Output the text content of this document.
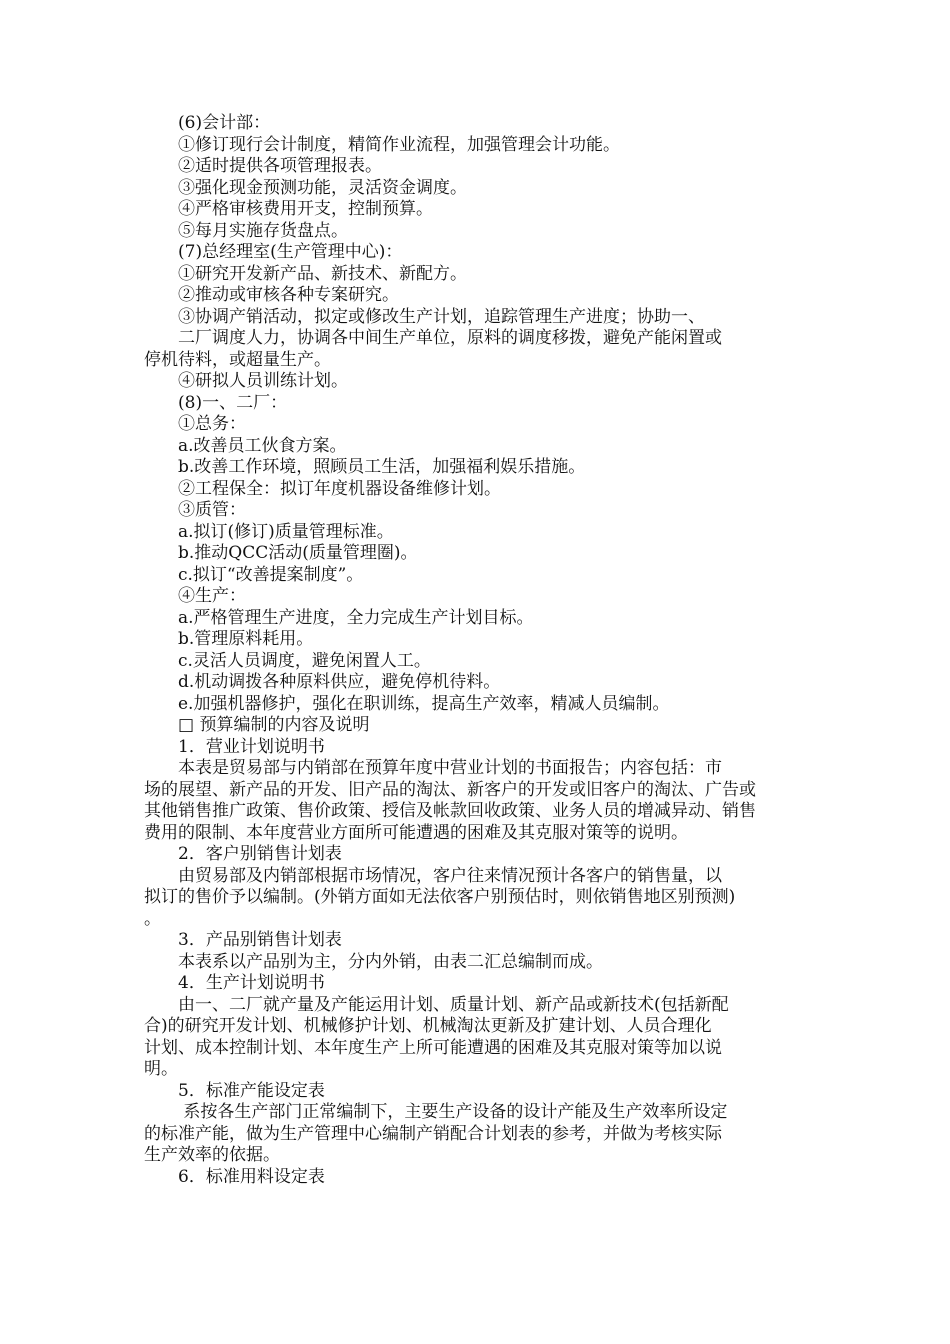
　　(6)会计部：
　　①修订现行会计制度，精简作业流程，加强管理会计功能。
　　②适时提供各项管理报表。
　　③强化现金预测功能，灵活资金调度。
　　④严格审核费用开支，控制预算。
　　⑤每月实施存货盘点。
　　(7)总经理室(生产管理中心)：
　　①研究开发新产品、新技术、新配方。
　　②推动或审核各种专案研究。
　　③协调产销活动，拟定或修改生产计划，追踪管理生产进度；协助一、
　　二厂调度人力，协调各中间生产单位，原料的调度移拨，避免产能闲置或
停机待料，或超量生产。
　　④研拟人员训练计划。
　　(8)一、二厂：
　　①总务：
　　a.改善员工伙食方案。
　　b.改善工作环境，照顾员工生活，加强福利娱乐措施。
　　②工程保全：拟订年度机器设备维修计划。
　　③质管：
　　a.拟订(修订)质量管理标准。
　　b.推动QCC活动(质量管理圈)。
　　c.拟订“改善提案制度”。
　　④生产：
　　a.严格管理生产进度，全力完成生产计划目标。
　　b.管理原料耗用。
　　c.灵活人员调度，避免闲置人工。
　　d.机动调拨各种原料供应，避免停机待料。
　　e.加强机器修护，强化在职训练，提高生产效率，精减人员编制。
　　□ 预算编制的内容及说明
　　1．营业计划说明书
　　本表是贸易部与内销部在预算年度中营业计划的书面报告；内容包括：市
场的展望、新产品的开发、旧产品的淘汰、新客户的开发或旧客户的淘汰、广告或
其他销售推广政策、售价政策、授信及帐款回收政策、业务人员的增减异动、销售
费用的限制、本年度营业方面所可能遭遇的困难及其克服对策等的说明。
　　2．客户别销售计划表
　　由贸易部及内销部根据市场情况，客户往来情况预计各客户的销售量，以
拟订的售价予以编制。(外销方面如无法依客户别预估时，则依销售地区别预测)
。
　　3．产品别销售计划表
　　本表系以产品别为主，分内外销，由表二汇总编制而成。
　　4．生产计划说明书
　　由一、二厂就产量及产能运用计划、质量计划、新产品或新技术(包括新配
合)的研究开发计划、机械修护计划、机械淘汰更新及扩建计划、人员合理化
计划、成本控制计划、本年度生产上所可能遭遇的困难及其克服对策等加以说
明。
　　5．标准产能设定表
　　 系按各生产部门正常编制下，主要生产设备的设计产能及生产效率所设定
的标准产能，做为生产管理中心编制产销配合计划表的参考，并做为考核实际
生产效率的依据。
　　6．标准用料设定表
